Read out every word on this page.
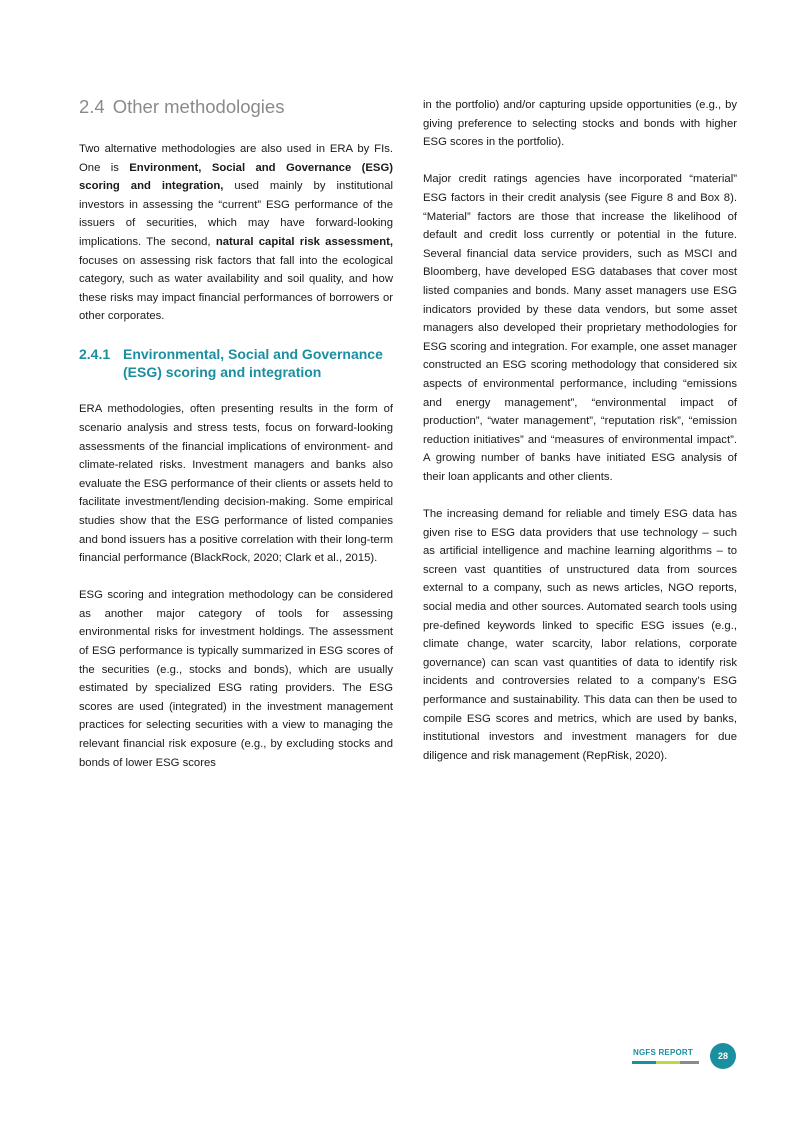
2.4 Other methodologies

Two alternative methodologies are also used in ERA by FIs. One is Environment, Social and Governance (ESG) scoring and integration, used mainly by institutional investors in assessing the “current” ESG performance of the issuers of securities, which may have forward-looking implications. The second, natural capital risk assessment, focuses on assessing risk factors that fall into the ecological category, such as water availability and soil quality, and how these risks may impact financial performances of borrowers or other corporates.

2.4.1 Environmental, Social and Governance (ESG) scoring and integration

ERA methodologies, often presenting results in the form of scenario analysis and stress tests, focus on forward-looking assessments of the financial implications of environment- and climate-related risks. Investment managers and banks also evaluate the ESG performance of their clients or assets held to facilitate investment/lending decision-making. Some empirical studies show that the ESG performance of listed companies and bond issuers has a positive correlation with their long-term financial performance (BlackRock, 2020; Clark et al., 2015).

ESG scoring and integration methodology can be considered as another major category of tools for assessing environmental risks for investment holdings. The assessment of ESG performance is typically summarized in ESG scores of the securities (e.g., stocks and bonds), which are usually estimated by specialized ESG rating providers. The ESG scores are used (integrated) in the investment management practices for selecting securities with a view to managing the relevant financial risk exposure (e.g., by excluding stocks and bonds of lower ESG scores

in the portfolio) and/or capturing upside opportunities (e.g., by giving preference to selecting stocks and bonds with higher ESG scores in the portfolio).

Major credit ratings agencies have incorporated “material” ESG factors in their credit analysis (see Figure 8 and Box 8). “Material” factors are those that increase the likelihood of default and credit loss currently or potential in the future. Several financial data service providers, such as MSCI and Bloomberg, have developed ESG databases that cover most listed companies and bonds. Many asset managers use ESG indicators provided by these data vendors, but some asset managers also developed their proprietary methodologies for ESG scoring and integration. For example, one asset manager constructed an ESG scoring methodology that considered six aspects of environmental performance, including “emissions and energy management”, “environmental impact of production”, “water management”, “reputation risk”, “emission reduction initiatives” and “measures of environmental impact”. A growing number of banks have initiated ESG analysis of their loan applicants and other clients.

The increasing demand for reliable and timely ESG data has given rise to ESG data providers that use technology – such as artificial intelligence and machine learning algorithms – to screen vast quantities of unstructured data from sources external to a company, such as news articles, NGO reports, social media and other sources. Automated search tools using pre-defined keywords linked to specific ESG issues (e.g., climate change, water scarcity, labor relations, corporate governance) can scan vast quantities of data to identify risk incidents and controversies related to a company’s ESG performance and sustainability. This data can then be used to compile ESG scores and metrics, which are used by banks, institutional investors and investment managers for due diligence and risk management (RepRisk, 2020).

NGFS REPORT	28
